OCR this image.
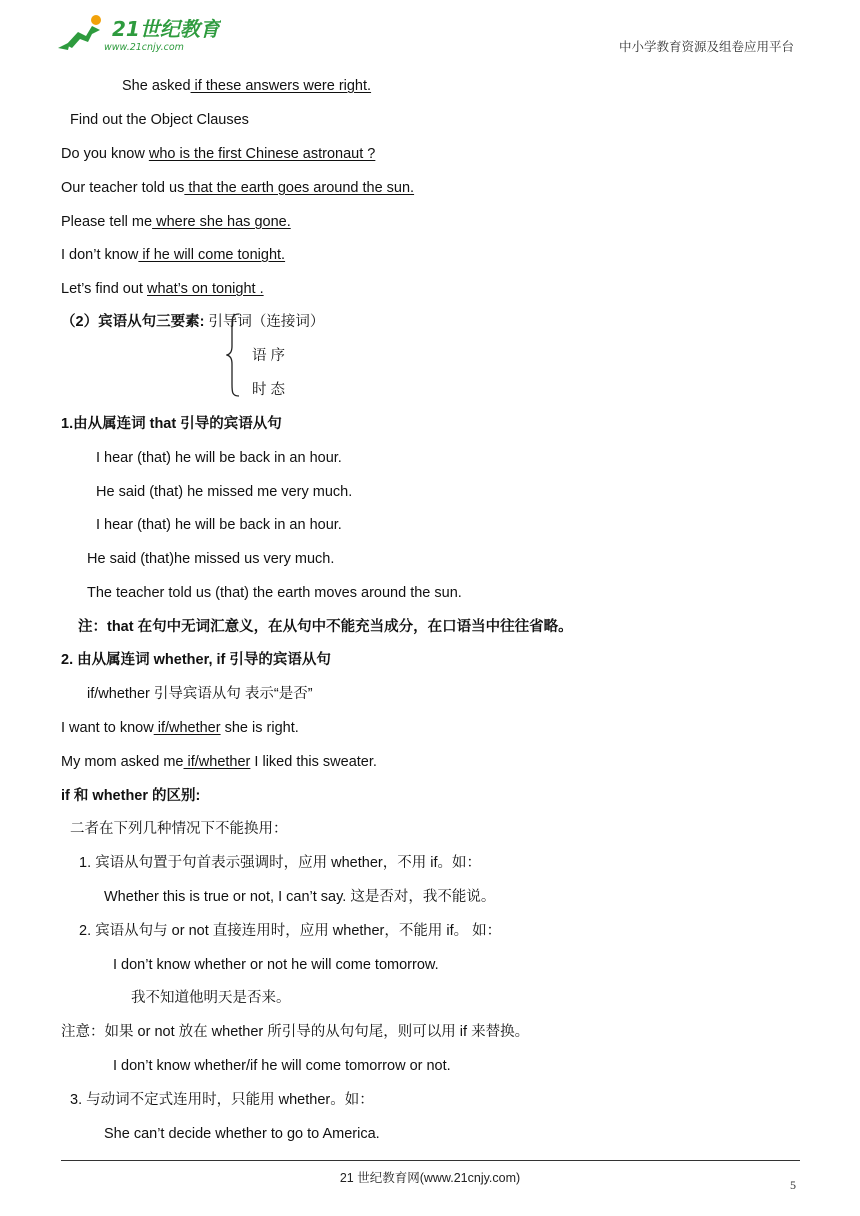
21世纪教育
www.21cnjy.com	中小学教育资源及组卷应用平台
She asked if these answers were right.
Find out the Object Clauses
Do you know who is the first Chinese astronaut ?
Our teacher told us that the earth goes around the sun.
Please tell me where she has gone.
I don’t know if he will come tonight.
Let’s find out what’s on tonight .
（2）宾语从句三要素: 引导词（连接词）
语 序
时 态
1.由从属连词 that 引导的宾语从句
I hear (that) he will be back in an hour.
He said (that) he missed me very much.
I hear (that) he will be back in an hour.
He said (that)he missed us very much.
The teacher told us (that) the earth moves around the sun.
注：that 在句中无词汇意义，在从句中不能充当成分，在口语当中往往省略。
2. 由从属连词 whether, if 引导的宾语从句
if/whether 引导宾语从句 表示“是否”
I want to know if/whether she is right.
My mom asked me if/whether I liked this sweater.
if 和 whether 的区别:
二者在下列几种情况下不能换用：
1. 宾语从句置于句首表示强调时，应用 whether，不用 if。如：
Whether this is true or not, I can’t say. 这是否对，我不能说。
2. 宾语从句与 or not 直接连用时，应用 whether，不能用 if。 如：
I don’t know whether or not he will come tomorrow.
我不知道他明天是否来。
注意：如果 or not 放在 whether 所引导的从句句尾，则可以用 if 来替换。
I don’t know whether/if he will come tomorrow or not.
3. 与动词不定式连用时，只能用 whether。如：
She can’t decide whether to go to America.
21 世纪教育网(www.21cnjy.com)	5
